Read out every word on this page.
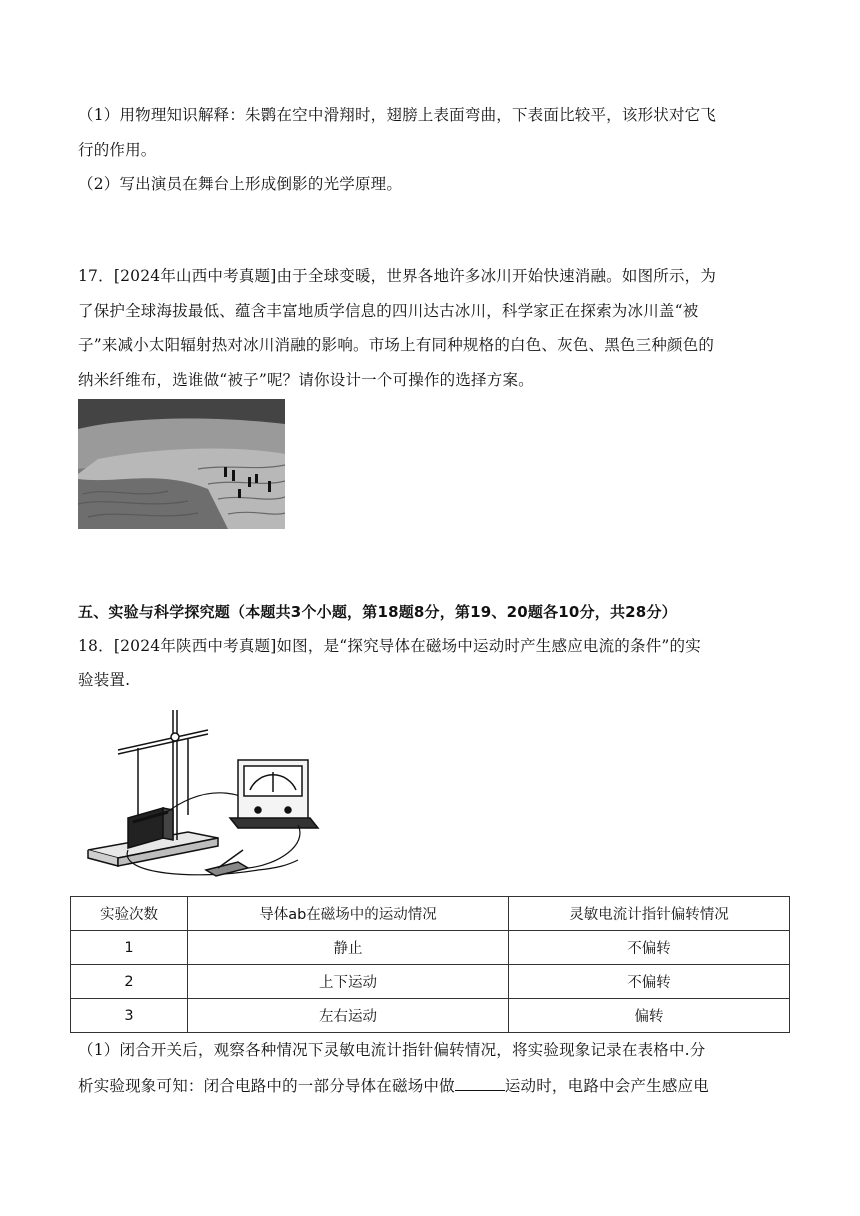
（1）用物理知识解释：朱鹮在空中滑翔时，翅膀上表面弯曲，下表面比较平，该形状对它飞
行的作用。
（2）写出演员在舞台上形成倒影的光学原理。
17．[2024年山西中考真题]由于全球变暖，世界各地许多冰川开始快速消融。如图所示，为
了保护全球海拔最低、蕴含丰富地质学信息的四川达古冰川，科学家正在探索为冰川盖“被
子”来减小太阳辐射热对冰川消融的影响。市场上有同种规格的白色、灰色、黑色三种颜色的
纳米纤维布，选谁做“被子”呢？请你设计一个可操作的选择方案。
五、实验与科学探究题（本题共3个小题，第18题8分，第19、20题各10分，共28分）
18．[2024年陕西中考真题]如图，是“探究导体在磁场中运动时产生感应电流的条件”的实
验装置.
实验次数	导体ab在磁场中的运动情况	灵敏电流计指针偏转情况
1	静止	不偏转
2	上下运动	不偏转
3	左右运动	偏转
（1）闭合开关后，观察各种情况下灵敏电流计指针偏转情况，将实验现象记录在表格中.分
析实验现象可知：闭合电路中的一部分导体在磁场中做	运动时，电路中会产生感应电
